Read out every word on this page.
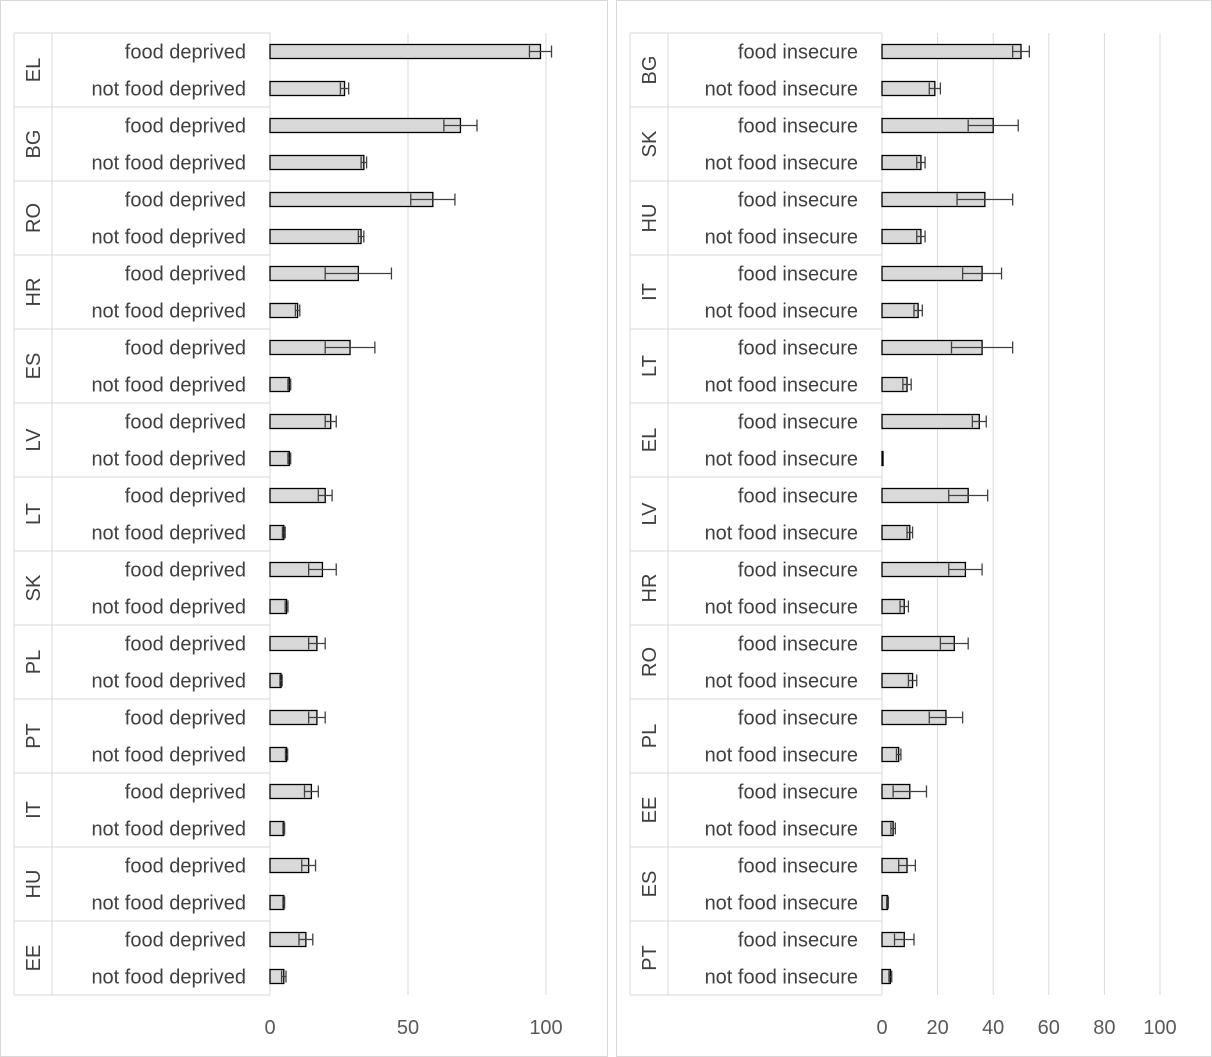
0	50	100
EL
food deprived
not food deprived
BG
food deprived
not food deprived
RO
food deprived
not food deprived
HR
food deprived
not food deprived
ES
food deprived
not food deprived
LV
food deprived
not food deprived
LT
food deprived
not food deprived
SK
food deprived
not food deprived
PL
food deprived
not food deprived
PT
food deprived
not food deprived
IT
food deprived
not food deprived
HU
food deprived
not food deprived
EE
food deprived
not food deprived
0 20 40 60 80 100
BG
food insecure
not food insecure
SK
food insecure
not food insecure
HU
food insecure
not food insecure
IT
food insecure
not food insecure
LT
food insecure
not food insecure
EL
food insecure
not food insecure
LV
food insecure
not food insecure
HR
food insecure
not food insecure
RO
food insecure
not food insecure
PL
food insecure
not food insecure
EE
food insecure
not food insecure
ES
food insecure
not food insecure
PT
food insecure
not food insecure
